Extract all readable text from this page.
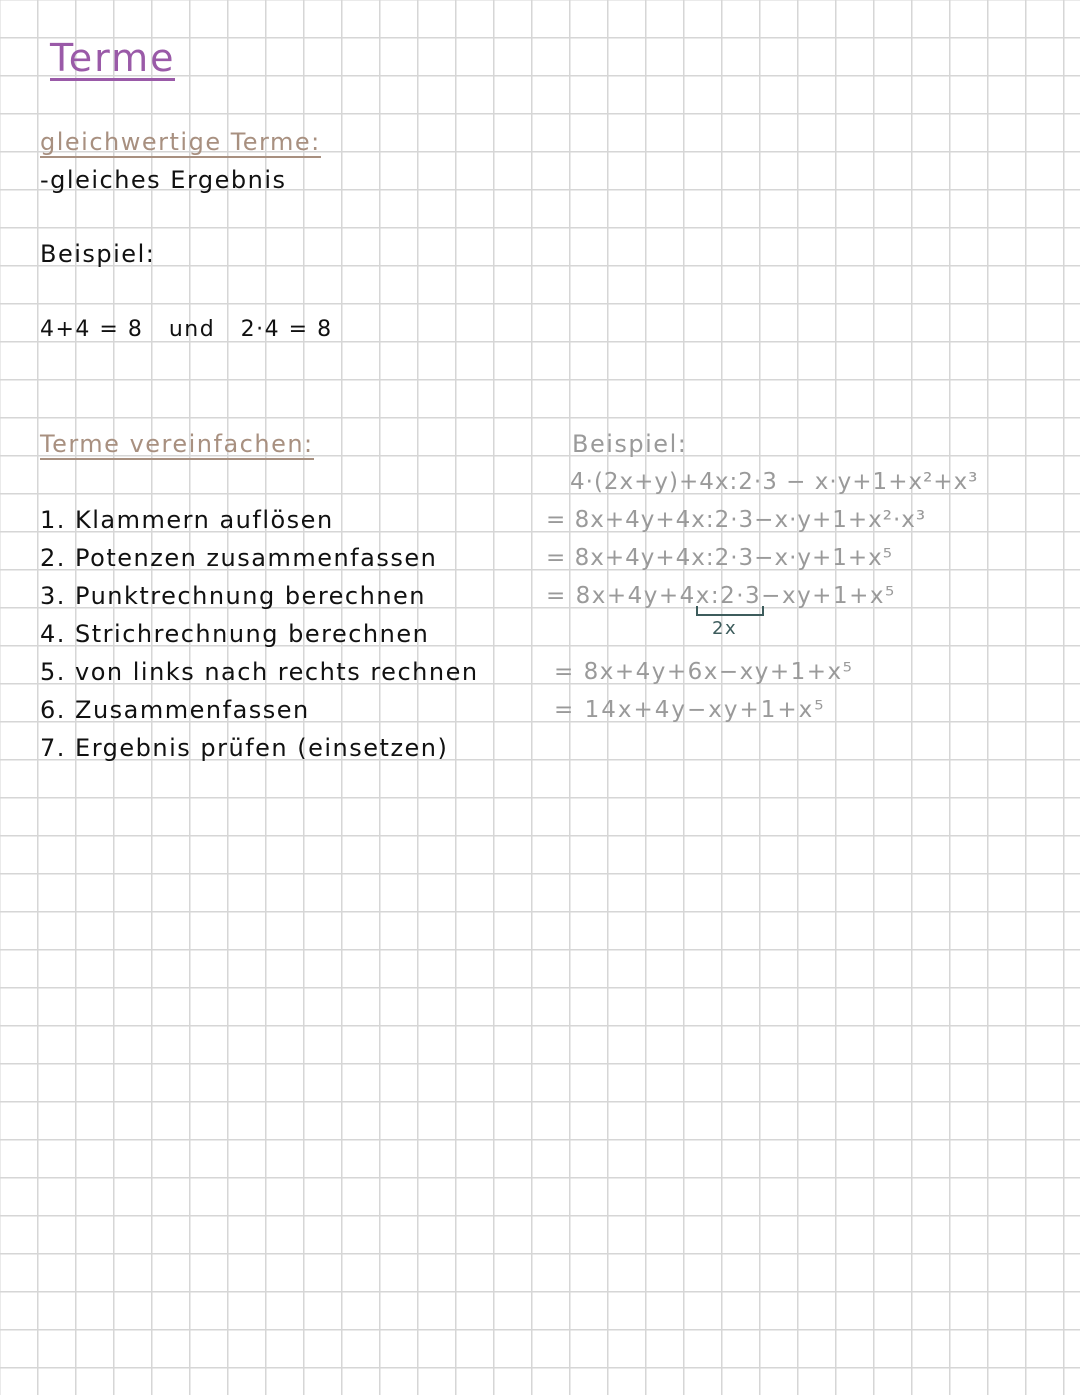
Terme
gleichwertige Terme:
-gleiches Ergebnis
Beispiel:
4+4 = 8   und   2·4 = 8
Terme vereinfachen:
1. Klammern auflösen
2. Potenzen zusammenfassen
3. Punktrechnung berechnen
4. Strichrechnung berechnen
5. von links nach rechts rechnen
6. Zusammenfassen
7. Ergebnis prüfen (einsetzen)
Beispiel:
4·(2x+y)+4x:2·3 − x·y+1+x²+x³
= 8x+4y+4x:2·3−x·y+1+x²·x³
= 8x+4y+4x:2·3−x·y+1+x⁵
= 8x+4y+4x:2·3−xy+1+x⁵
2x
= 8x+4y+6x−xy+1+x⁵
= 14x+4y−xy+1+x⁵
